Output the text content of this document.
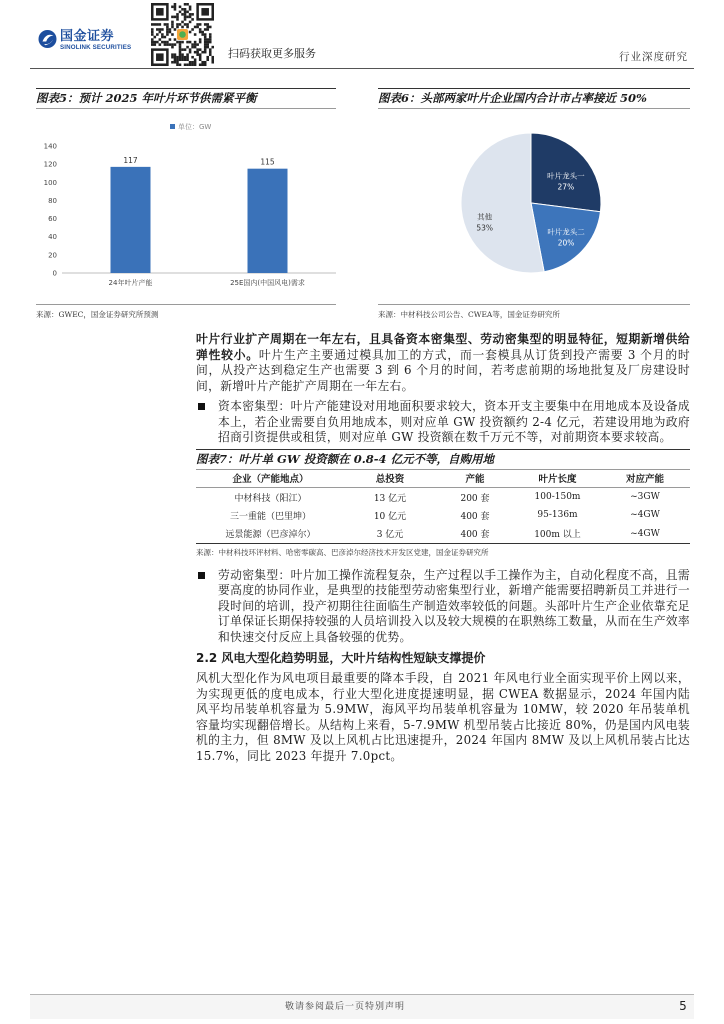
国金证券
SINOLINK SECURITIES	扫码获取更多服务	行业深度研究
图表5：预计 2025 年叶片环节供需紧平衡	图表6：头部两家叶片企业国内合计市占率接近 50%
单位：GW
0
20
40
60
80
100
120
140
117
24年叶片产能
115
25E国内(中国风电)需求
叶片龙头一
27%
叶片龙头二
20%
其他
53%
来源：GWEC，国金证券研究所预测	来源：中材科技公司公告、CWEA等，国金证券研究所

叶片行业扩产周期在一年左右，且具备资本密集型、劳动密集型的明显特征，短期新增供给弹性较小。叶片生产主要通过模具加工的方式，而一套模具从订货到投产需要 3 个月的时间，从投产达到稳定生产也需要 3 到 6 个月的时间，若考虑前期的场地批复及厂房建设时间，新增叶片产能扩产周期在一年左右。

资本密集型：叶片产能建设对用地面积要求较大，资本开支主要集中在用地成本及设备成本上，若企业需要自负用地成本，则对应单 GW 投资额约 2-4 亿元，若建设用地为政府招商引资提供或租赁，则对应单 GW 投资额在数千万元不等，对前期资本要求较高。
图表7：叶片单 GW 投资额在 0.8-4 亿元不等，自购用地
企业（产能地点）	总投资	产能	叶片长度	对应产能
中材科技（阳江）	13 亿元	200 套	100-150m	~3GW
三一重能（巴里坤）	10 亿元	400 套	95-136m	~4GW
远景能源（巴彦淖尔）	3 亿元	400 套	100m 以上	~4GW
来源：中材科技环评材料、哈密零碳高、巴彦淖尔经济技术开发区党建，国金证券研究所
劳动密集型：叶片加工操作流程复杂，生产过程以手工操作为主，自动化程度不高，且需要高度的协同作业，是典型的技能型劳动密集型行业，新增产能需要招聘新员工并进行一段时间的培训，投产初期往往面临生产制造效率较低的问题。头部叶片生产企业依靠充足订单保证长期保持较强的人员培训投入以及较大规模的在职熟练工数量，从而在生产效率和快速交付反应上具备较强的优势。
2.2 风电大型化趋势明显，大叶片结构性短缺支撑提价

风机大型化作为风电项目最重要的降本手段，自 2021 年风电行业全面实现平价上网以来，为实现更低的度电成本，行业大型化进度提速明显，据 CWEA 数据显示，2024 年国内陆风平均吊装单机容量为 5.9MW，海风平均吊装单机容量为 10MW，较 2020 年吊装单机容量均实现翻倍增长。从结构上来看，5-7.9MW 机型吊装占比接近 80%，仍是国内风电装机的主力，但 8MW 及以上风机占比迅速提升，2024 年国内 8MW 及以上风机吊装占比达 15.7%，同比 2023 年提升 7.0pct。

敬请参阅最后一页特别声明	5
